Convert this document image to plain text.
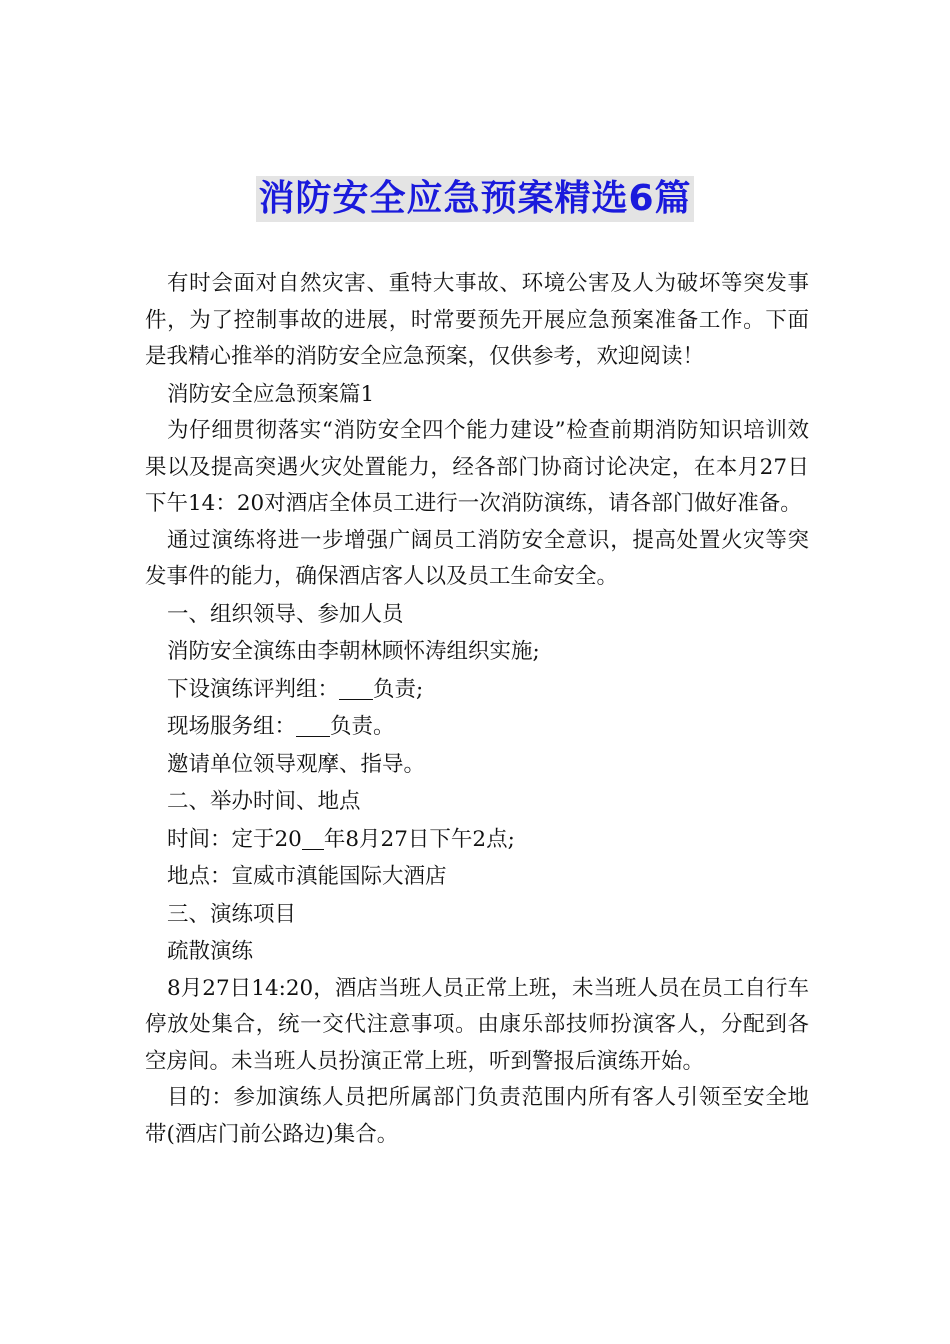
消防安全应急预案精选6篇

有时会面对自然灾害、重特大事故、环境公害及人为破坏等突发事件，为了控制事故的进展，时常要预先开展应急预案准备工作。下面是我精心推举的消防安全应急预案，仅供参考，欢迎阅读！

消防安全应急预案篇1

为仔细贯彻落实“消防安全四个能力建设”检查前期消防知识培训效果以及提高突遇火灾处置能力，经各部门协商讨论决定，在本月27日下午14：20对酒店全体员工进行一次消防演练，请各部门做好准备。

通过演练将进一步增强广阔员工消防安全意识，提高处置火灾等突发事件的能力，确保酒店客人以及员工生命安全。

一、组织领导、参加人员

消防安全演练由李朝林顾怀涛组织实施;

下设演练评判组： 负责;

现场服务组： 负责。

邀请单位领导观摩、指导。

二、举办时间、地点

时间：定于20 年8月27日下午2点;

地点：宣威市滇能国际大酒店

三、演练项目

疏散演练

8月27日14:20，酒店当班人员正常上班，未当班人员在员工自行车停放处集合，统一交代注意事项。由康乐部技师扮演客人，分配到各空房间。未当班人员扮演正常上班，听到警报后演练开始。

目的：参加演练人员把所属部门负责范围内所有客人引领至安全地带(酒店门前公路边)集合。
